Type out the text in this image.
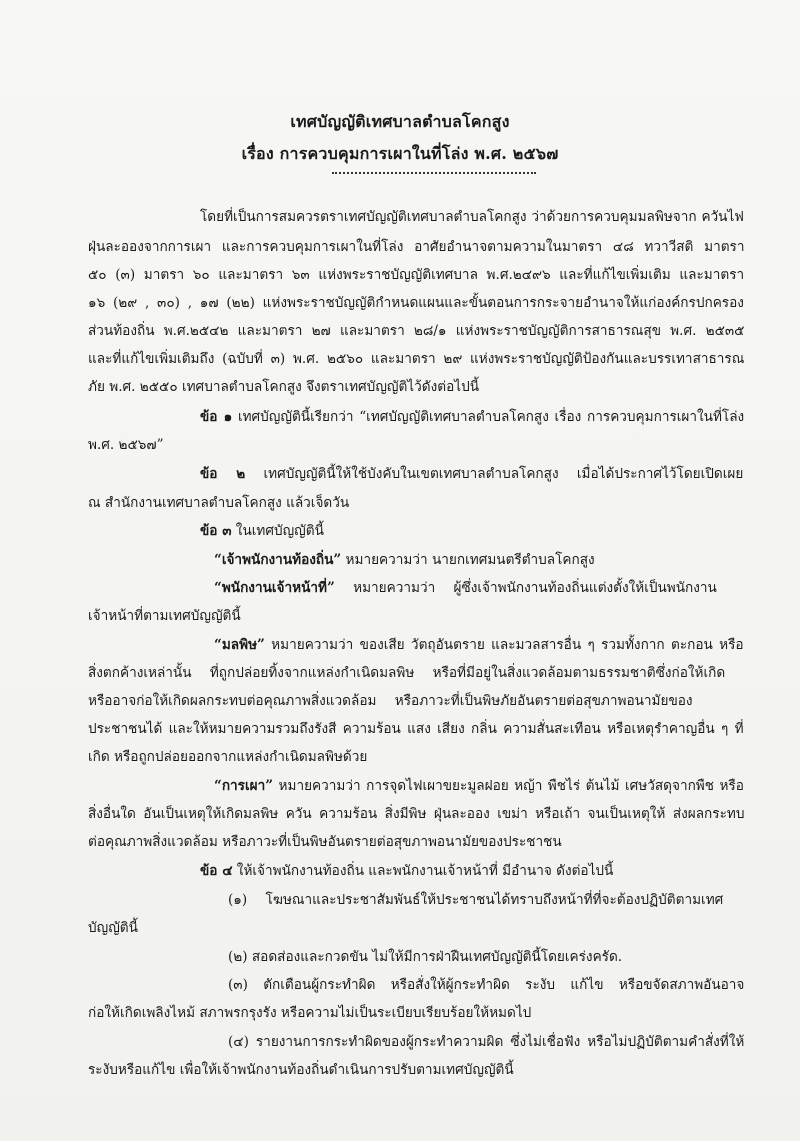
เทศบัญญัติเทศบาลตำบลโคกสูง
เรื่อง การควบคุมการเผาในที่โล่ง พ.ศ. ๒๕๖๗
โดยที่เป็นการสมควรตราเทศบัญญัติเทศบาลตำบลโคกสูง ว่าด้วยการควบคุมมลพิษจาก ควันไฟ
ฝุ่นละอองจากการเผา และการควบคุมการเผาในที่โล่ง อาศัยอำนาจตามความในมาตรา ๔๘ ทวาวีสติ มาตรา
๕๐ (๓) มาตรา ๖๐ และมาตรา ๖๓ แห่งพระราชบัญญัติเทศบาล พ.ศ.๒๔๙๖ และที่แก้ไขเพิ่มเติม และมาตรา
๑๖ (๒๙ , ๓๐) , ๑๗ (๒๒) แห่งพระราชบัญญัติกำหนดแผนและขั้นตอนการกระจายอำนาจให้แก่องค์กรปกครอง
ส่วนท้องถิ่น พ.ศ.๒๕๔๒ และมาตรา ๒๗ และมาตรา ๒๘/๑ แห่งพระราชบัญญัติการสาธารณสุข พ.ศ. ๒๕๓๕
และที่แก้ไขเพิ่มเติมถึง (ฉบับที่ ๓) พ.ศ. ๒๕๖๐ และมาตรา ๒๙ แห่งพระราชบัญญัติป้องกันและบรรเทาสาธารณ
ภัย พ.ศ. ๒๕๕๐ เทศบาลตำบลโคกสูง จึงตราเทศบัญญัติไว้ดังต่อไปนี้
ข้อ ๑ เทศบัญญัตินี้เรียกว่า “เทศบัญญัติเทศบาลตำบลโคกสูง เรื่อง การควบคุมการเผาในที่โล่ง
พ.ศ. ๒๕๖๗”
ข้อ ๒ เทศบัญญัตินี้ให้ใช้บังคับในเขตเทศบาลตำบลโคกสูง เมื่อได้ประกาศไว้โดยเปิดเผย
ณ สำนักงานเทศบาลตำบลโคกสูง แล้วเจ็ดวัน
ข้อ ๓ ในเทศบัญญัตินี้
“เจ้าพนักงานท้องถิ่น” หมายความว่า นายกเทศมนตรีตำบลโคกสูง
“พนักงานเจ้าหน้าที่” หมายความว่า ผู้ซึ่งเจ้าพนักงานท้องถิ่นแต่งตั้งให้เป็นพนักงาน
เจ้าหน้าที่ตามเทศบัญญัตินี้
“มลพิษ” หมายความว่า ของเสีย วัตถุอันตราย และมวลสารอื่น ๆ รวมทั้งกาก ตะกอน หรือ
สิ่งตกค้างเหล่านั้น ที่ถูกปล่อยทิ้งจากแหล่งกำเนิดมลพิษ หรือที่มีอยู่ในสิ่งแวดล้อมตามธรรมชาติซึ่งก่อให้เกิด
หรืออาจก่อให้เกิดผลกระทบต่อคุณภาพสิ่งแวดล้อม หรือภาวะที่เป็นพิษภัยอันตรายต่อสุขภาพอนามัยของ
ประชาชนได้ และให้หมายความรวมถึงรังสี ความร้อน แสง เสียง กลิ่น ความสั่นสะเทือน หรือเหตุรำคาญอื่น ๆ ที่
เกิด หรือถูกปล่อยออกจากแหล่งกำเนิดมลพิษด้วย
“การเผา” หมายความว่า การจุดไฟเผาขยะมูลฝอย หญ้า พืชไร่ ต้นไม้ เศษวัสดุจากพืช หรือ
สิ่งอื่นใด อันเป็นเหตุให้เกิดมลพิษ ควัน ความร้อน สิ่งมีพิษ ฝุ่นละออง เขม่า หรือเถ้า จนเป็นเหตุให้ ส่งผลกระทบ
ต่อคุณภาพสิ่งแวดล้อม หรือภาวะที่เป็นพิษอันตรายต่อสุขภาพอนามัยของประชาชน
ข้อ ๔ ให้เจ้าพนักงานท้องถิ่น และพนักงานเจ้าหน้าที่ มีอำนาจ ดังต่อไปนี้
(๑) โฆษณาและประชาสัมพันธ์ให้ประชาชนได้ทราบถึงหน้าที่ที่จะต้องปฏิบัติตามเทศ
บัญญัตินี้
(๒) สอดส่องและกวดขัน ไม่ให้มีการฝ่าฝืนเทศบัญญัตินี้โดยเคร่งครัด.
(๓) ตักเตือนผู้กระทำผิด หรือสั่งให้ผู้กระทำผิด ระงับ แก้ไข หรือขจัดสภาพอันอาจ
ก่อให้เกิดเพลิงไหม้ สภาพรกรุงรัง หรือความไม่เป็นระเบียบเรียบร้อยให้หมดไป
(๔) รายงานการกระทำผิดของผู้กระทำความผิด ซึ่งไม่เชื่อฟัง หรือไม่ปฏิบัติตามคำสั่งที่ให้
ระงับหรือแก้ไข เพื่อให้เจ้าพนักงานท้องถิ่นดำเนินการปรับตามเทศบัญญัตินี้
